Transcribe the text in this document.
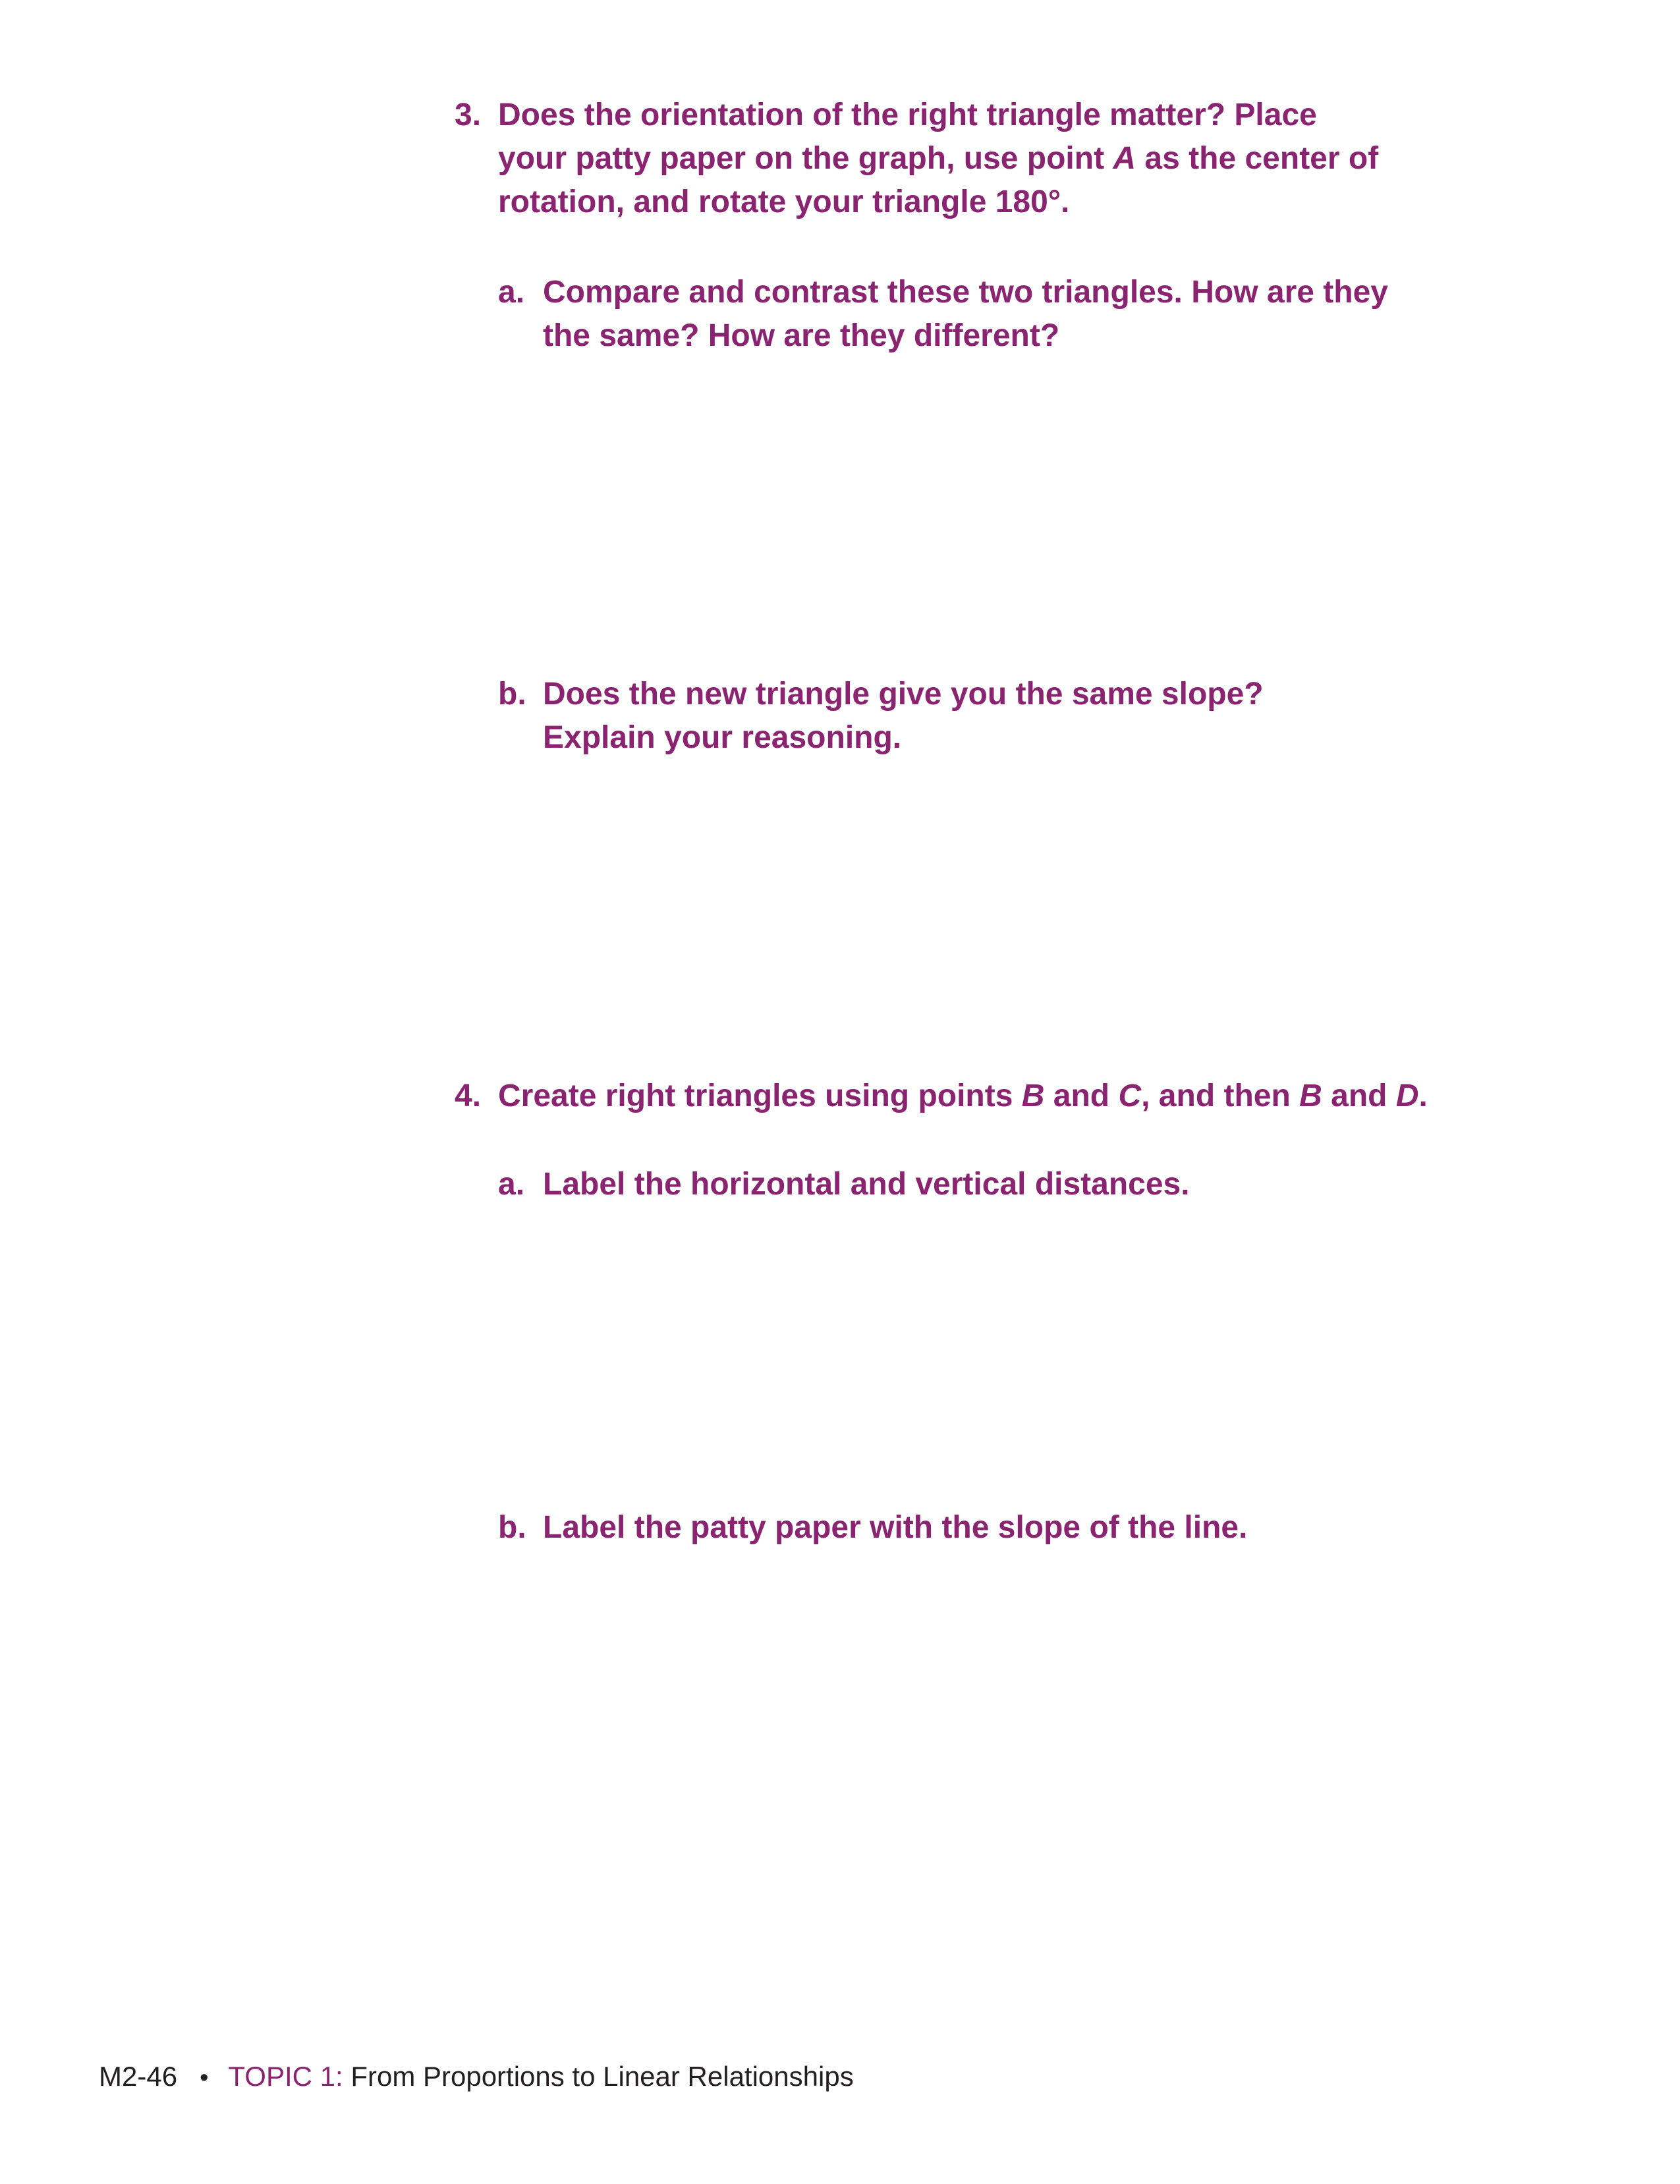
3. Does the orientation of the right triangle matter? Place
your patty paper on the graph, use point A as the center of
rotation, and rotate your triangle 180°.
a. Compare and contrast these two triangles. How are they
the same? How are they different?
b. Does the new triangle give you the same slope?
Explain your reasoning.
4. Create right triangles using points B and C, and then B and D.
a. Label the horizontal and vertical distances.
b. Label the patty paper with the slope of the line.
M2-46 • TOPIC 1: From Proportions to Linear Relationships
